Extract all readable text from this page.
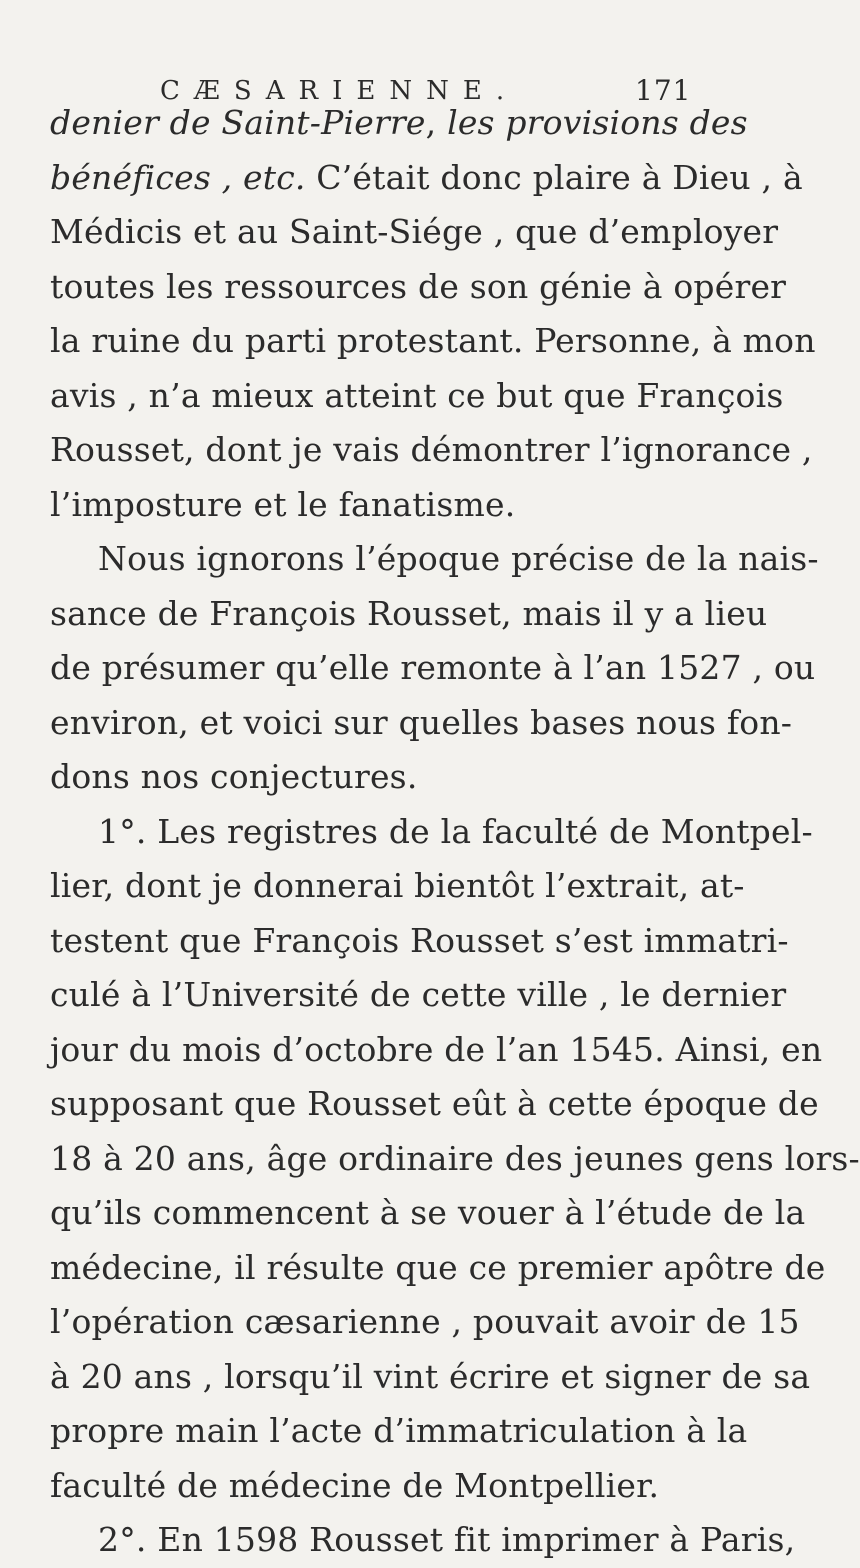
CÆSARIENNE.	171
denier de Saint-Pierre, les provisions des
bénéfices , etc. C’était donc plaire à Dieu , à
Médicis et au Saint-Siége , que d’employer
toutes les ressources de son génie à opérer
la ruine du parti protestant. Personne, à mon
avis , n’a mieux atteint ce but que François
Rousset, dont je vais démontrer l’ignorance ,
l’imposture et le fanatisme.
Nous ignorons l’époque précise de la nais-
sance de François Rousset, mais il y a lieu
de présumer qu’elle remonte à l’an 1527 , ou
environ, et voici sur quelles bases nous fon-
dons nos conjectures.
1°. Les registres de la faculté de Montpel-
lier, dont je donnerai bientôt l’extrait, at-
testent que François Rousset s’est immatri-
culé à l’Université de cette ville , le dernier
jour du mois d’octobre de l’an 1545. Ainsi, en
supposant que Rousset eût à cette époque de
18 à 20 ans, âge ordinaire des jeunes gens lors-
qu’ils commencent à se vouer à l’étude de la
médecine, il résulte que ce premier apôtre de
l’opération cæsarienne , pouvait avoir de 15
à 20 ans , lorsqu’il vint écrire et signer de sa
propre main l’acte d’immatriculation à la
faculté de médecine de Montpellier.
2°. En 1598 Rousset fit imprimer à Paris,
